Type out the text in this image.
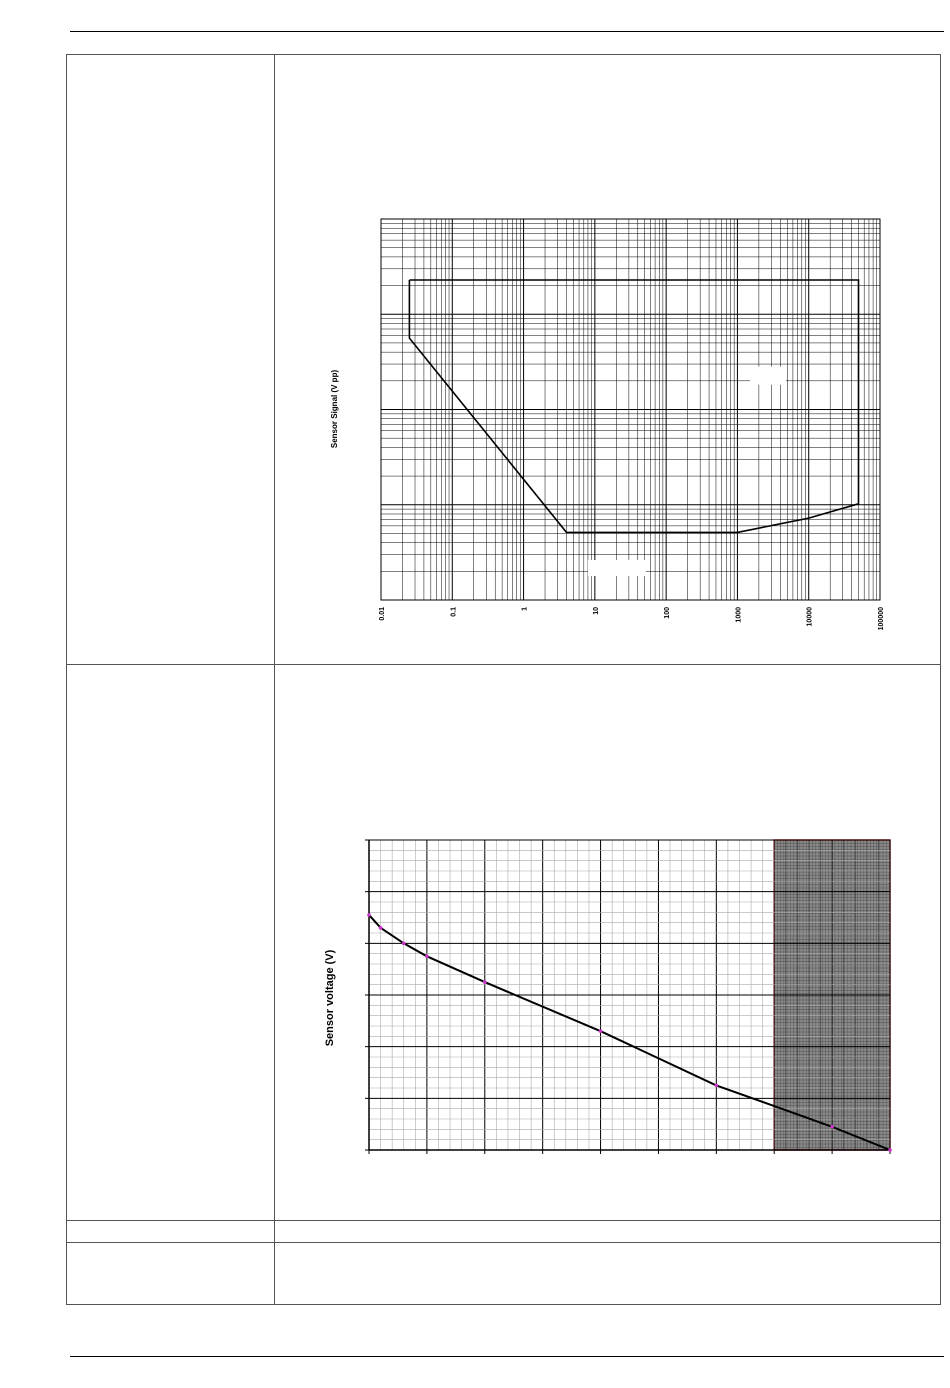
0.01	0.1	1	10	100	1000	10000	100000
Sensor Signal (V pp)
Sensor voltage (V)
